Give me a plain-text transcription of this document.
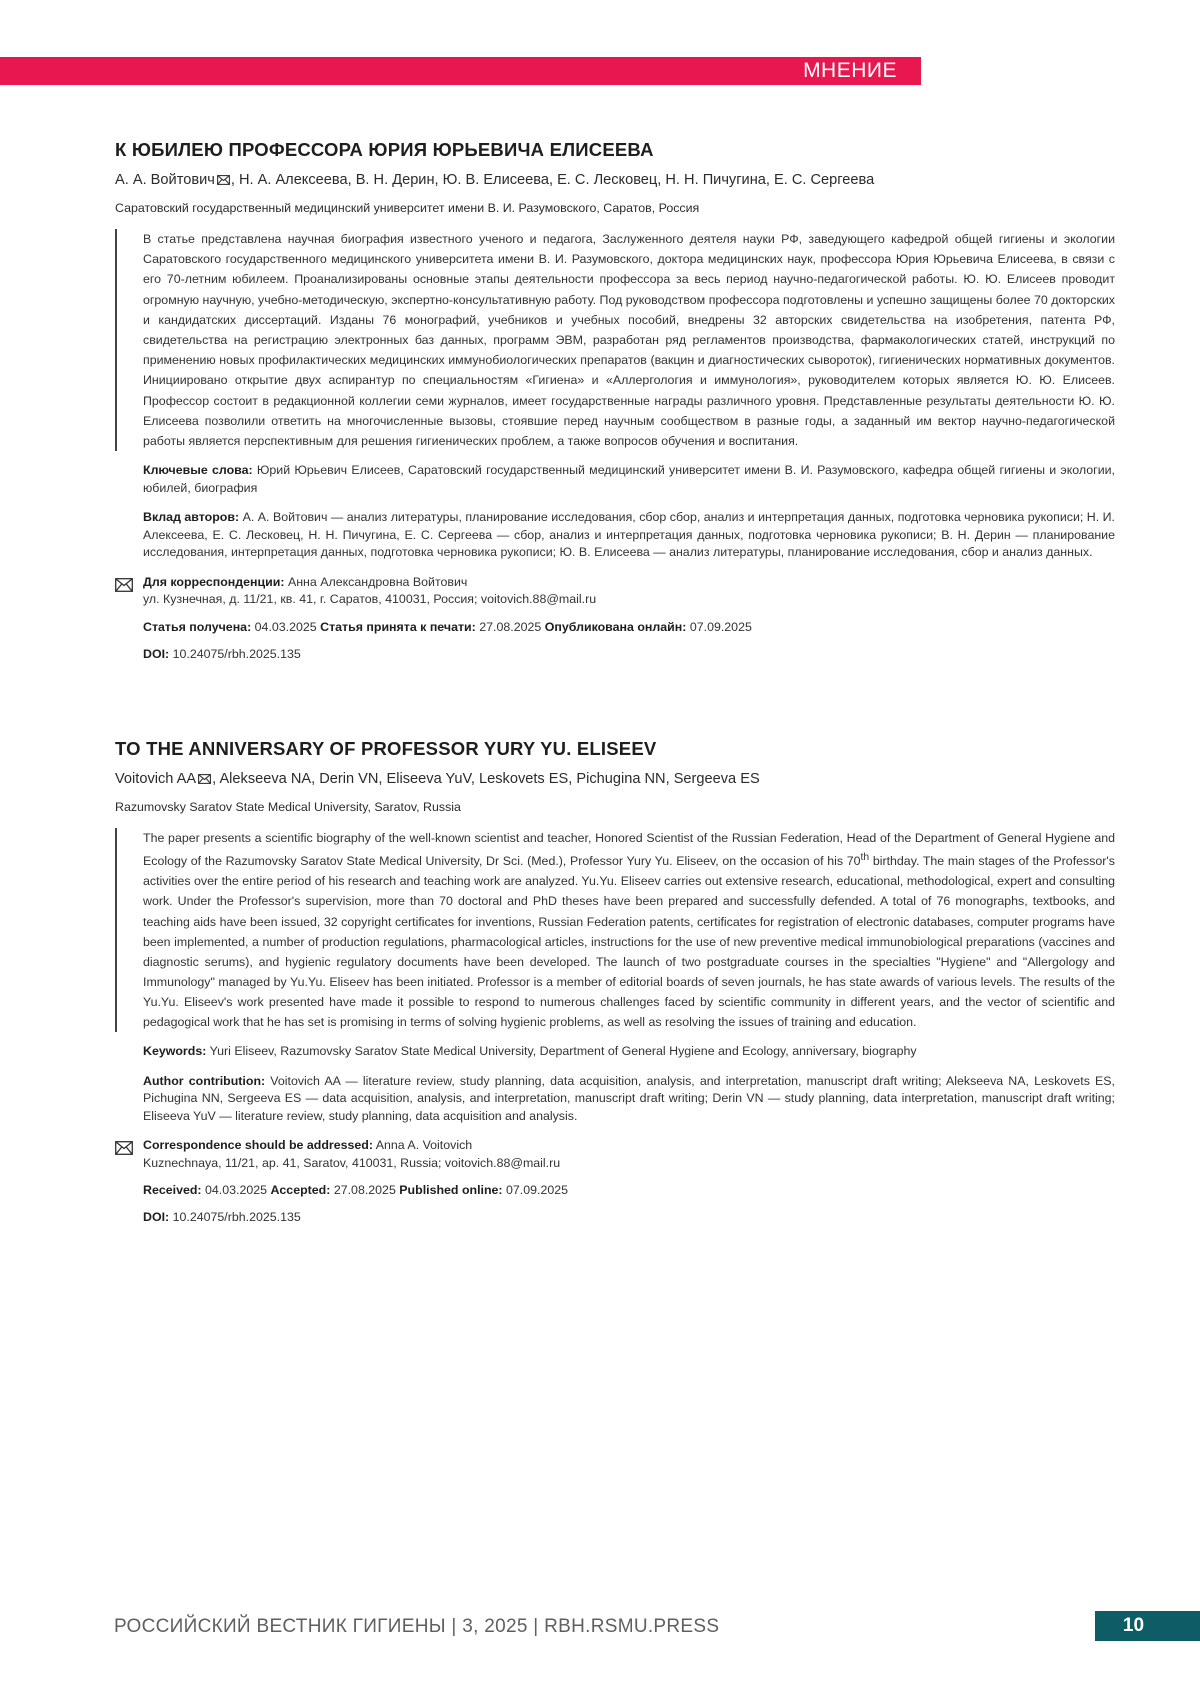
МНЕНИЕ
К ЮБИЛЕЮ ПРОФЕССОРА ЮРИЯ ЮРЬЕВИЧА ЕЛИСЕЕВА
А. А. Войтович , Н. А. Алексеева, В. Н. Дерин, Ю. В. Елисеева, Е. С. Лесковец, Н. Н. Пичугина, Е. С. Сергеева
Саратовский государственный медицинский университет имени В. И. Разумовского, Саратов, Россия
В статье представлена научная биография известного ученого и педагога, Заслуженного деятеля науки РФ, заведующего кафедрой общей гигиены и экологии Саратовского государственного медицинского университета имени В. И. Разумовского, доктора медицинских наук, профессора Юрия Юрьевича Елисеева, в связи с его 70-летним юбилеем. Проанализированы основные этапы деятельности профессора за весь период научно-педагогической работы. Ю. Ю. Елисеев проводит огромную научную, учебно-методическую, экспертно-консультативную работу. Под руководством профессора подготовлены и успешно защищены более 70 докторских и кандидатских диссертаций. Изданы 76 монографий, учебников и учебных пособий, внедрены 32 авторских свидетельства на изобретения, патента РФ, свидетельства на регистрацию электронных баз данных, программ ЭВМ, разработан ряд регламентов производства, фармакологических статей, инструкций по применению новых профилактических медицинских иммунобиологических препаратов (вакцин и диагностических сывороток), гигиенических нормативных документов. Инициировано открытие двух аспирантур по специальностям «Гигиена» и «Аллергология и иммунология», руководителем которых является Ю. Ю. Елисеев. Профессор состоит в редакционной коллегии семи журналов, имеет государственные награды различного уровня. Представленные результаты деятельности Ю. Ю. Елисеева позволили ответить на многочисленные вызовы, стоявшие перед научным сообществом в разные годы, а заданный им вектор научно-педагогической работы является перспективным для решения гигиенических проблем, а также вопросов обучения и воспитания.
Ключевые слова: Юрий Юрьевич Елисеев, Саратовский государственный медицинский университет имени В. И. Разумовского, кафедра общей гигиены и экологии, юбилей, биография
Вклад авторов: А. А. Войтович — анализ литературы, планирование исследования, сбор сбор, анализ и интерпретация данных, подготовка черновика рукописи; Н. И. Алексеева, Е. С. Лесковец, Н. Н. Пичугина, Е. С. Сергеева — сбор, анализ и интерпретация данных, подготовка черновика рукописи; В. Н. Дерин — планирование исследования, интерпретация данных, подготовка черновика рукописи; Ю. В. Елисеева — анализ литературы, планирование исследования, сбор и анализ данных.
Для корреспонденции: Анна Александровна Войтович
ул. Кузнечная, д. 11/21, кв. 41, г. Саратов, 410031, Россия; voitovich.88@mail.ru
Статья получена: 04.03.2025 Статья принята к печати: 27.08.2025 Опубликована онлайн: 07.09.2025
DOI: 10.24075/rbh.2025.135
TO THE ANNIVERSARY OF PROFESSOR YURY YU. ELISEEV
Voitovich AA , Alekseeva NA, Derin VN, Eliseeva YuV, Leskovets ES, Pichugina NN, Sergeeva ES
Razumovsky Saratov State Medical University, Saratov, Russia
The paper presents a scientific biography of the well-known scientist and teacher, Honored Scientist of the Russian Federation, Head of the Department of General Hygiene and Ecology of the Razumovsky Saratov State Medical University, Dr Sci. (Med.), Professor Yury Yu. Eliseev, on the occasion of his 70th birthday. The main stages of the Professor's activities over the entire period of his research and teaching work are analyzed. Yu.Yu. Eliseev carries out extensive research, educational, methodological, expert and consulting work. Under the Professor's supervision, more than 70 doctoral and PhD theses have been prepared and successfully defended. A total of 76 monographs, textbooks, and teaching aids have been issued, 32 copyright certificates for inventions, Russian Federation patents, certificates for registration of electronic databases, computer programs have been implemented, a number of production regulations, pharmacological articles, instructions for the use of new preventive medical immunobiological preparations (vaccines and diagnostic serums), and hygienic regulatory documents have been developed. The launch of two postgraduate courses in the specialties "Hygiene" and "Allergology and Immunology" managed by Yu.Yu. Eliseev has been initiated. Professor is a member of editorial boards of seven journals, he has state awards of various levels. The results of the Yu.Yu. Eliseev's work presented have made it possible to respond to numerous challenges faced by scientific community in different years, and the vector of scientific and pedagogical work that he has set is promising in terms of solving hygienic problems, as well as resolving the issues of training and education.
Keywords: Yuri Eliseev, Razumovsky Saratov State Medical University, Department of General Hygiene and Ecology, anniversary, biography
Author contribution: Voitovich AA — literature review, study planning, data acquisition, analysis, and interpretation, manuscript draft writing; Alekseeva NA, Leskovets ES, Pichugina NN, Sergeeva ES — data acquisition, analysis, and interpretation, manuscript draft writing; Derin VN — study planning, data interpretation, manuscript draft writing; Eliseeva YuV — literature review, study planning, data acquisition and analysis.
Correspondence should be addressed: Anna A. Voitovich
Kuznechnaya, 11/21, ap. 41, Saratov, 410031, Russia; voitovich.88@mail.ru
Received: 04.03.2025 Accepted: 27.08.2025 Published online: 07.09.2025
DOI: 10.24075/rbh.2025.135
РОССИЙСКИЙ ВЕСТНИК ГИГИЕНЫ | 3, 2025 | RBH.RSMU.PRESS	10
